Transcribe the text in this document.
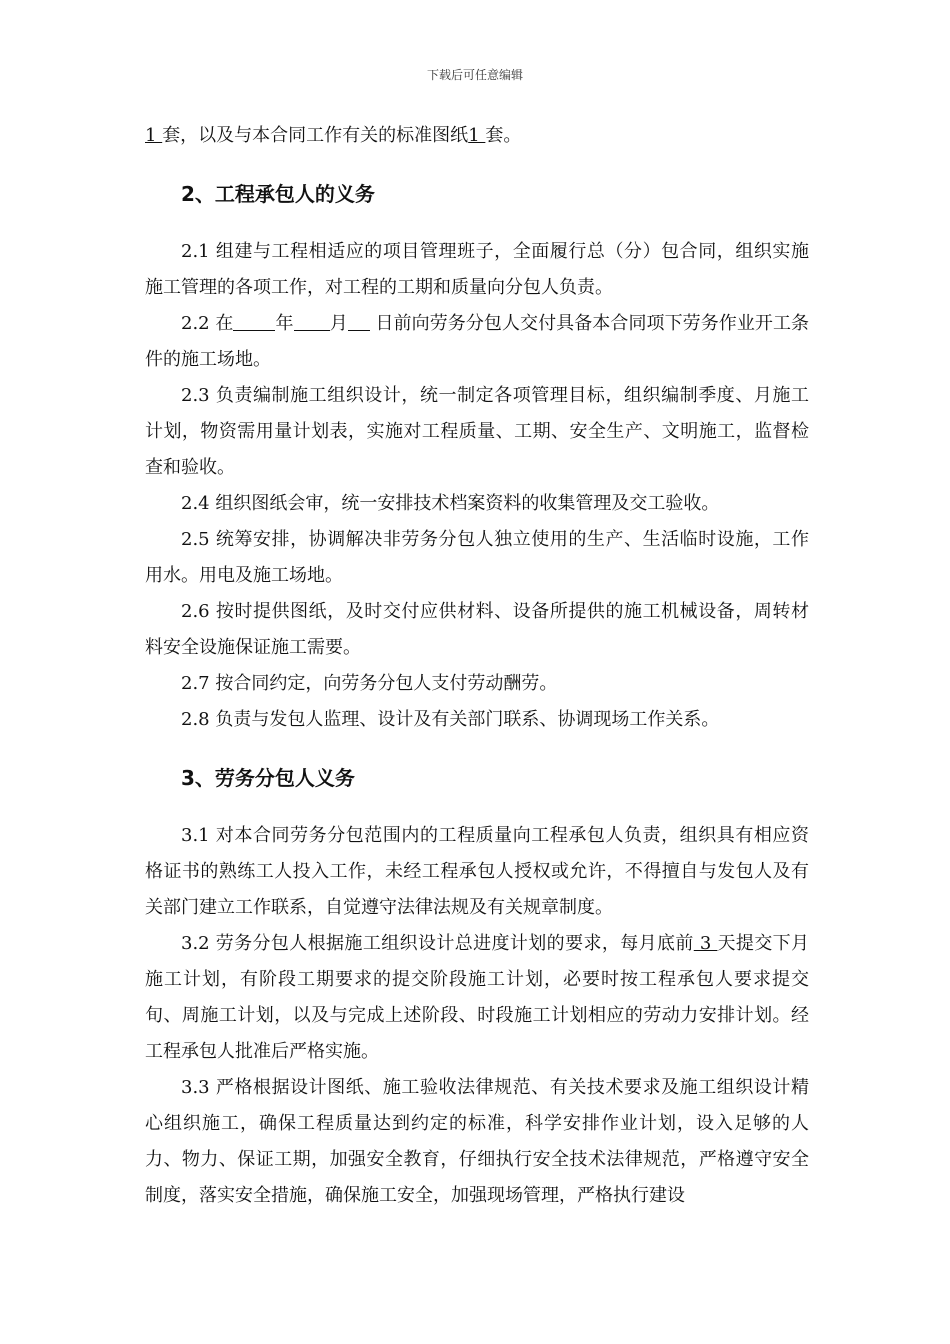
下载后可任意编辑

1 套，以及与本合同工作有关的标准图纸1 套。

2、工程承包人的义务

2.1 组建与工程相适应的项目管理班子，全面履行总（分）包合同，组织实施施工管理的各项工作，对工程的工期和质量向分包人负责。

2.2 在 年 月 日前向劳务分包人交付具备本合同项下劳务作业开工条件的施工场地。

2.3 负责编制施工组织设计，统一制定各项管理目标，组织编制季度、月施工计划，物资需用量计划表，实施对工程质量、工期、安全生产、文明施工，监督检查和验收。

2.4 组织图纸会审，统一安排技术档案资料的收集管理及交工验收。

2.5 统筹安排，协调解决非劳务分包人独立使用的生产、生活临时设施，工作用水。用电及施工场地。

2.6 按时提供图纸，及时交付应供材料、设备所提供的施工机械设备，周转材料安全设施保证施工需要。

2.7 按合同约定，向劳务分包人支付劳动酬劳。

2.8 负责与发包人监理、设计及有关部门联系、协调现场工作关系。

3、劳务分包人义务

3.1 对本合同劳务分包范围内的工程质量向工程承包人负责，组织具有相应资格证书的熟练工人投入工作，未经工程承包人授权或允许，不得擅自与发包人及有关部门建立工作联系，自觉遵守法律法规及有关规章制度。

3.2 劳务分包人根据施工组织设计总进度计划的要求，每月底前 3 天提交下月施工计划，有阶段工期要求的提交阶段施工计划，必要时按工程承包人要求提交旬、周施工计划，以及与完成上述阶段、时段施工计划相应的劳动力安排计划。经工程承包人批准后严格实施。

3.3 严格根据设计图纸、施工验收法律规范、有关技术要求及施工组织设计精心组织施工，确保工程质量达到约定的标准，科学安排作业计划，设入足够的人力、物力、保证工期，加强安全教育，仔细执行安全技术法律规范，严格遵守安全制度，落实安全措施，确保施工安全，加强现场管理，严格执行建设
